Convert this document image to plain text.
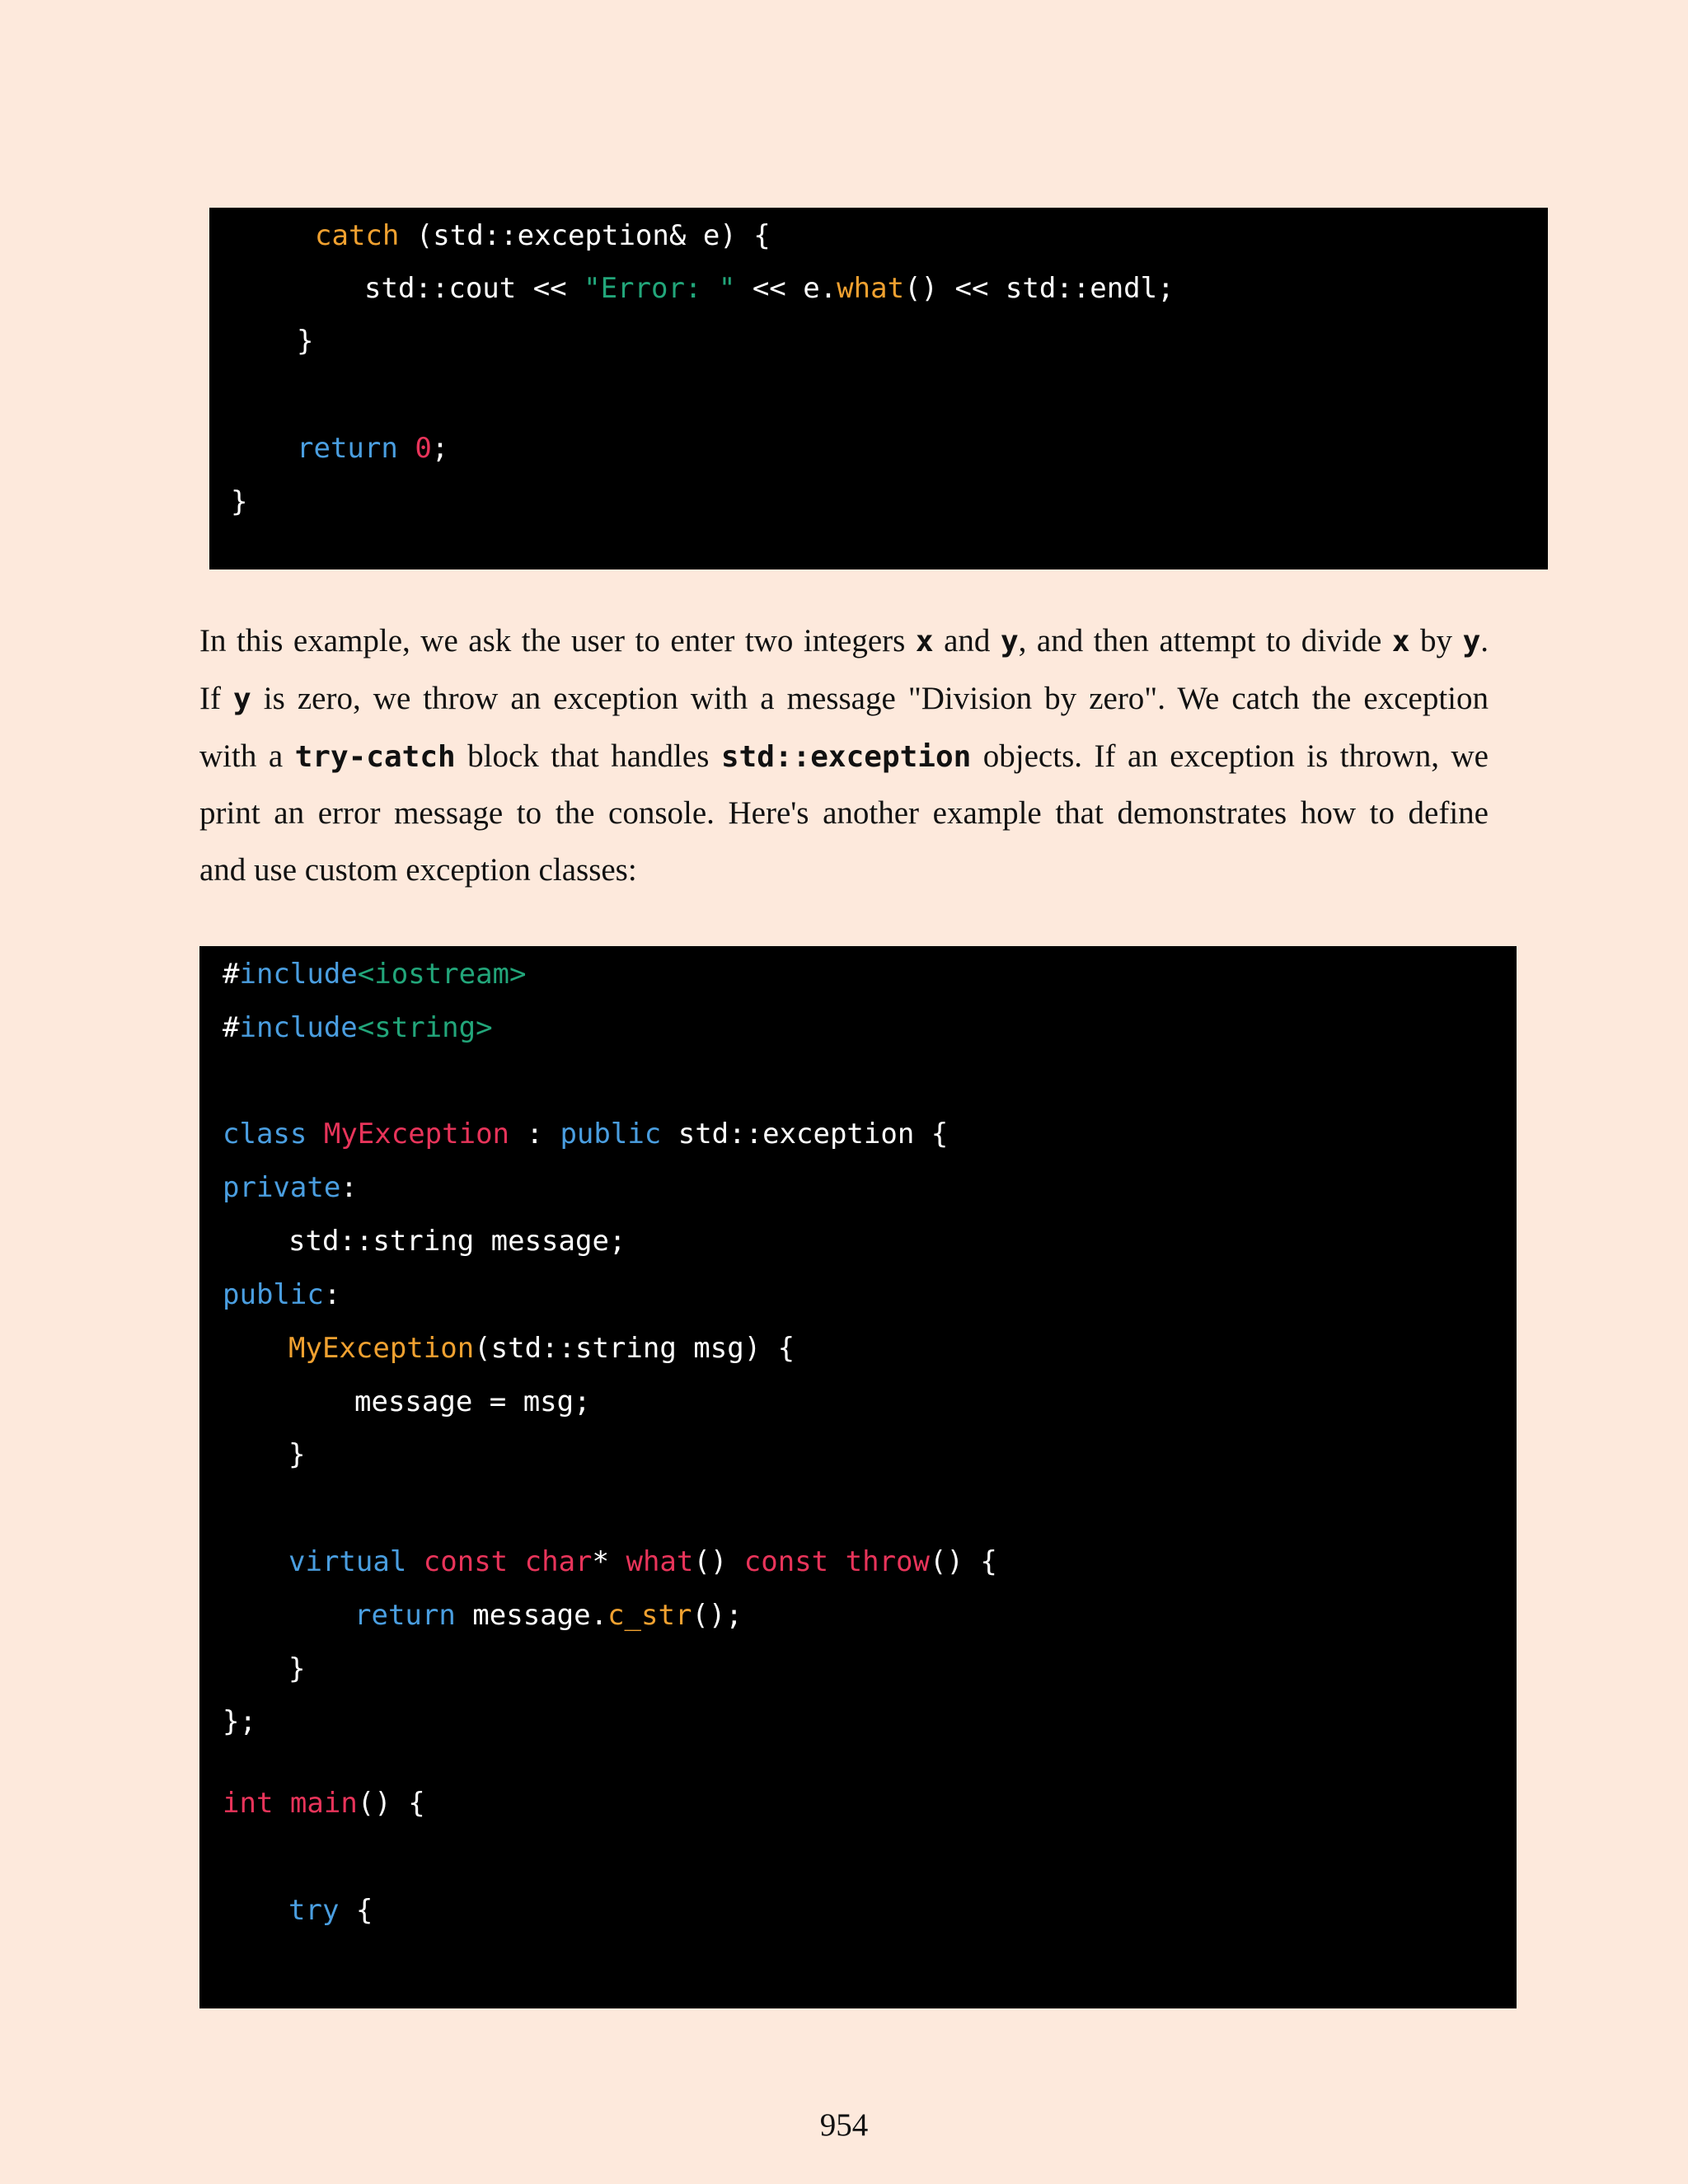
catch (std::exception& e) {
std::cout << "Error: " << e.what() << std::endl;
}
return 0;
}
In this example, we ask the user to enter two integers x and y, and then attempt to divide x by y.
If y is zero, we throw an exception with a message "Division by zero". We catch the exception
with a try-catch block that handles std::exception objects. If an exception is thrown, we
print an error message to the console. Here's another example that demonstrates how to define
and use custom exception classes:
#include<iostream>
#include<string>
class MyException : public std::exception {
private:
std::string message;
public:
MyException(std::string msg) {
message = msg;
}
virtual const char* what() const throw() {
return message.c_str();
}
};
int main() {
try {
954
